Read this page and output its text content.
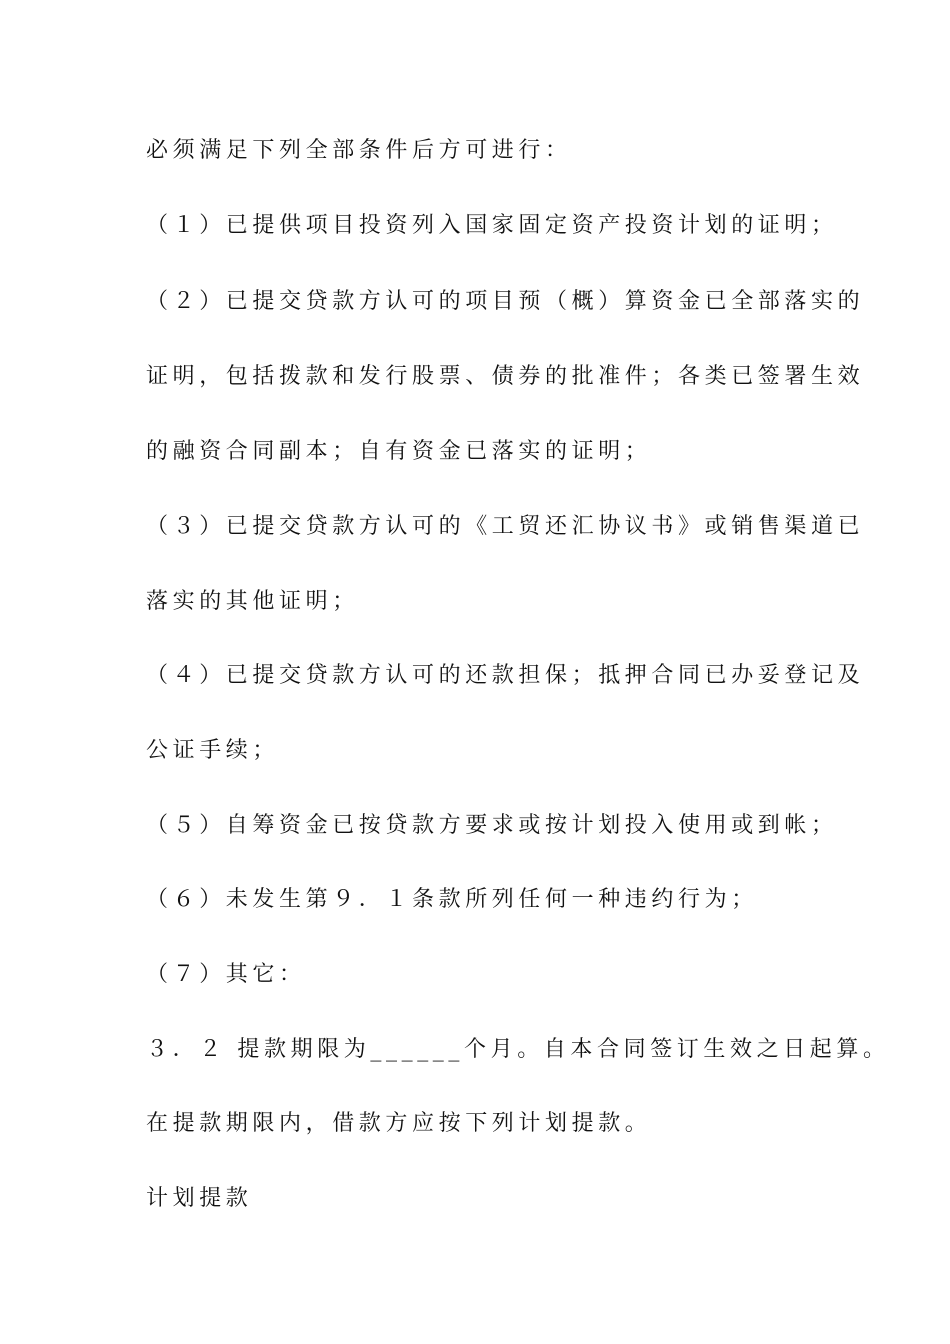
必须满足下列全部条件后方可进行：
（１）已提供项目投资列入国家固定资产投资计划的证明；
（２）已提交贷款方认可的项目预（概）算资金已全部落实的
证明，包括拨款和发行股票、债券的批准件；各类已签署生效
的融资合同副本；自有资金已落实的证明；
（３）已提交贷款方认可的《工贸还汇协议书》或销售渠道已
落实的其他证明；
（４）已提交贷款方认可的还款担保；抵押合同已办妥登记及
公证手续；
（５）自筹资金已按贷款方要求或按计划投入使用或到帐；
（６）未发生第９．１条款所列任何一种违约行为；
（７）其它：
３．２ 提款期限为______个月。自本合同签订生效之日起算。
在提款期限内，借款方应按下列计划提款。
计划提款
